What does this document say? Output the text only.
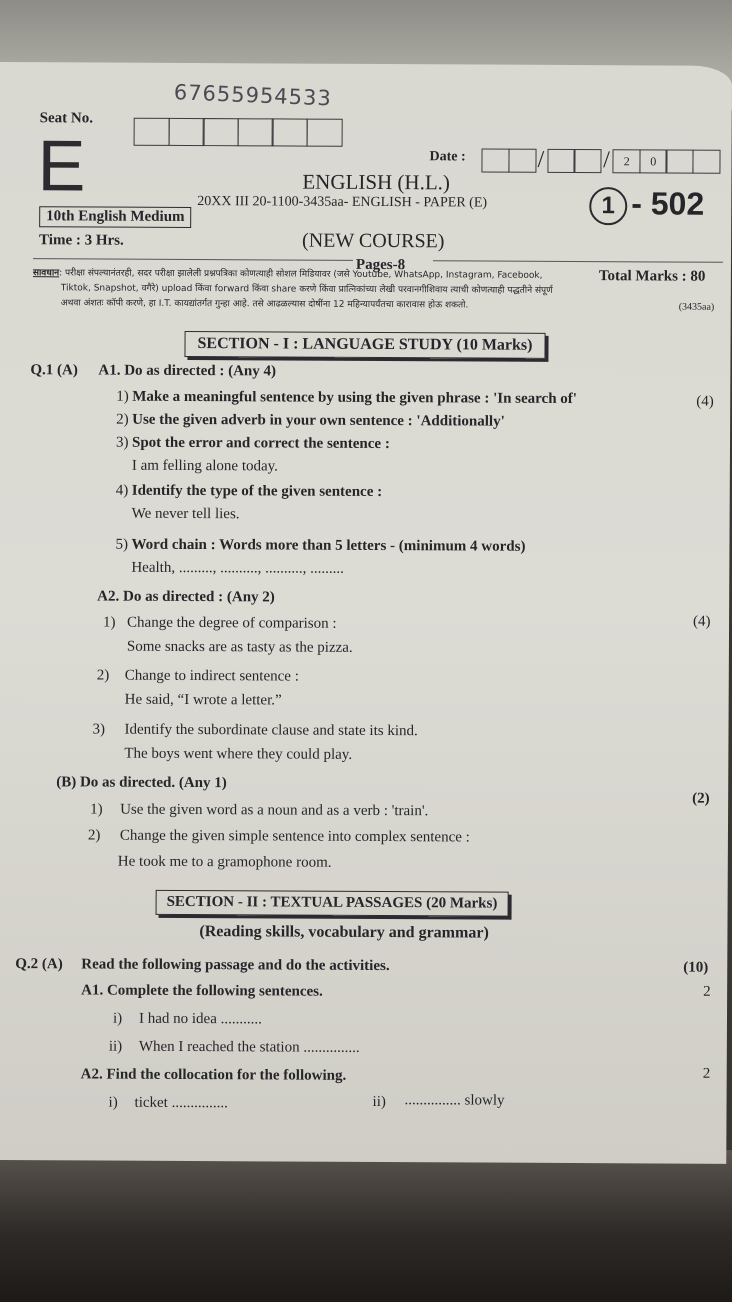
67655954533
Seat No.
E	Date :	/ / 2 0
ENGLISH (H.L.)
20XX III 20-1100-3435aa- ENGLISH - PAPER (E)	1 - 502
10th English Medium
Time : 3 Hrs.	(NEW COURSE)
Pages-8
Total Marks : 80
सावधान: परीक्षा संपल्यानंतरही, सदर परीक्षा झालेली प्रश्नपत्रिका कोणत्याही सोशल मिडियावर (जसे Youtube, WhatsApp, Instagram, Facebook,
Tiktok, Snapshot, वगैरे) upload किंवा forward किंवा share करणे किंवा प्रात्निकांच्या लेखी परवानगीशिवाय त्याची कोणत्याही पद्धतीने संपूर्ण
अथवा अंशतः कॉपी करणे, हा I.T. कायद्यांतर्गत गुन्हा आहे. तसे आढळल्यास दोषींना 12 महिन्यापर्यंतचा कारावास होऊ शकतो.	(3435aa)
SECTION - I : LANGUAGE STUDY (10 Marks)
Q.1 (A) A1. Do as directed : (Any 4)
(4)
1) Make a meaningful sentence by using the given phrase : 'In search of'
2) Use the given adverb in your own sentence : 'Additionally'
3) Spot the error and correct the sentence :
I am felling alone today.
4) Identify the type of the given sentence :
We never tell lies.
5) Word chain : Words more than 5 letters - (minimum 4 words)
Health, ........., .........., .........., .........
A2. Do as directed : (Any 2)
(4)
1) Change the degree of comparison :
Some snacks are as tasty as the pizza.
2) Change to indirect sentence :
He said, “I wrote a letter.”
3) Identify the subordinate clause and state its kind.
The boys went where they could play.
(B) Do as directed. (Any 1)
(2)
1) Use the given word as a noun and as a verb : 'train'.
2) Change the given simple sentence into complex sentence :
He took me to a gramophone room.
SECTION - II : TEXTUAL PASSAGES (20 Marks)
(Reading skills, vocabulary and grammar)
Q.2 (A) Read the following passage and do the activities.	(10)
A1. Complete the following sentences.	2
i) I had no idea ...........
ii) When I reached the station ...............
A2. Find the collocation for the following.	2
i) ticket ...............	ii) ............... slowly
